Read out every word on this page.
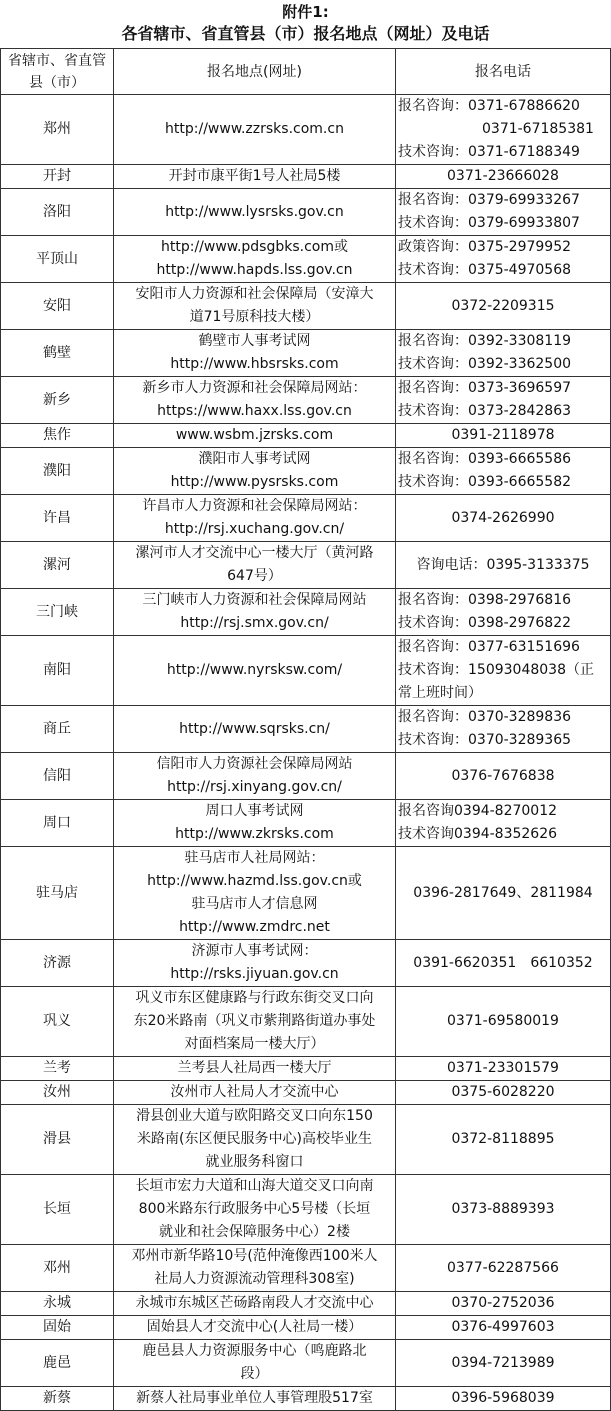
附件1:
各省辖市、省直管县（市）报名地点（网址）及电话
省辖市、省直管县（市）	报名地点(网址)	报名电话
郑州	http://www.zzrsks.com.cn	报名咨询：0371-67886620
0371-67185381
技术咨询：0371-67188349

开封	开封市康平街1号人社局5楼	0371-23666028

洛阳	http://www.lysrsks.gov.cn	报名咨询：0379-69933267
技术咨询：0379-69933807

平顶山	http://www.pdsgbks.com或
http://www.hapds.lss.gov.cn	政策咨询：0375-2979952
技术咨询：0375-4970568

安阳	安阳市人力资源和社会保障局（安漳大
道71号原科技大楼）	0372-2209315

鹤壁	鹤壁市人事考试网
http://www.hbsrsks.com	报名咨询：0392-3308119
技术咨询：0392-3362500

新乡	新乡市人力资源和社会保障局网站：
https://www.haxx.lss.gov.cn	报名咨询：0373-3696597
技术咨询：0373-2842863

焦作	www.wsbm.jzrsks.com	0391-2118978

濮阳	濮阳市人事考试网
http://www.pysrsks.com	报名咨询：0393-6665586
技术咨询：0393-6665582

许昌	许昌市人力资源和社会保障局网站：
http://rsj.xuchang.gov.cn/	0374-2626990

漯河	漯河市人才交流中心一楼大厅（黄河路
647号）	咨询电话：0395-3133375

三门峡	三门峡市人力资源和社会保障局网站
http://rsj.smx.gov.cn/	报名咨询：0398-2976816
技术咨询：0398-2976822

南阳	http://www.nyrsksw.com/	报名咨询：0377-63151696
技术咨询：15093048038（正
常上班时间）

商丘	http://www.sqrsks.cn/	报名咨询：0370-3289836
技术咨询：0370-3289365

信阳	信阳市人力资源社会保障局网站
http://rsj.xinyang.gov.cn/	0376-7676838

周口	周口人事考试网
http://www.zkrsks.com	报名咨询0394-8270012
技术咨询0394-8352626

驻马店	驻马店市人社局网站：
http://www.hazmd.lss.gov.cn或
驻马店市人才信息网
http://www.zmdrc.net	0396-2817649、2811984

济源	济源市人事考试网：
http://rsks.jiyuan.gov.cn	0391-6620351　6610352

巩义	巩义市东区健康路与行政东街交叉口向
东20米路南（巩义市紫荆路街道办事处
对面档案局一楼大厅）	0371-69580019

兰考	兰考县人社局西一楼大厅	0371-23301579

汝州	汝州市人社局人才交流中心	0375-6028220

滑县	滑县创业大道与欧阳路交叉口向东150
米路南(东区便民服务中心)高校毕业生
就业服务科窗口	0372-8118895

长垣	长垣市宏力大道和山海大道交叉口向南
800米路东行政服务中心5号楼（长垣
就业和社会保障服务中心）2楼	0373-8889393

邓州	邓州市新华路10号(范仲淹像西100米人
社局人力资源流动管理科308室)	0377-62287566

永城	永城市东城区芒砀路南段人才交流中心	0370-2752036

固始	固始县人才交流中心(人社局一楼）	0376-4997603

鹿邑	鹿邑县人力资源服务中心（鸣鹿路北
段）	0394-7213989

新蔡	新蔡人社局事业单位人事管理股517室	0396-5968039
